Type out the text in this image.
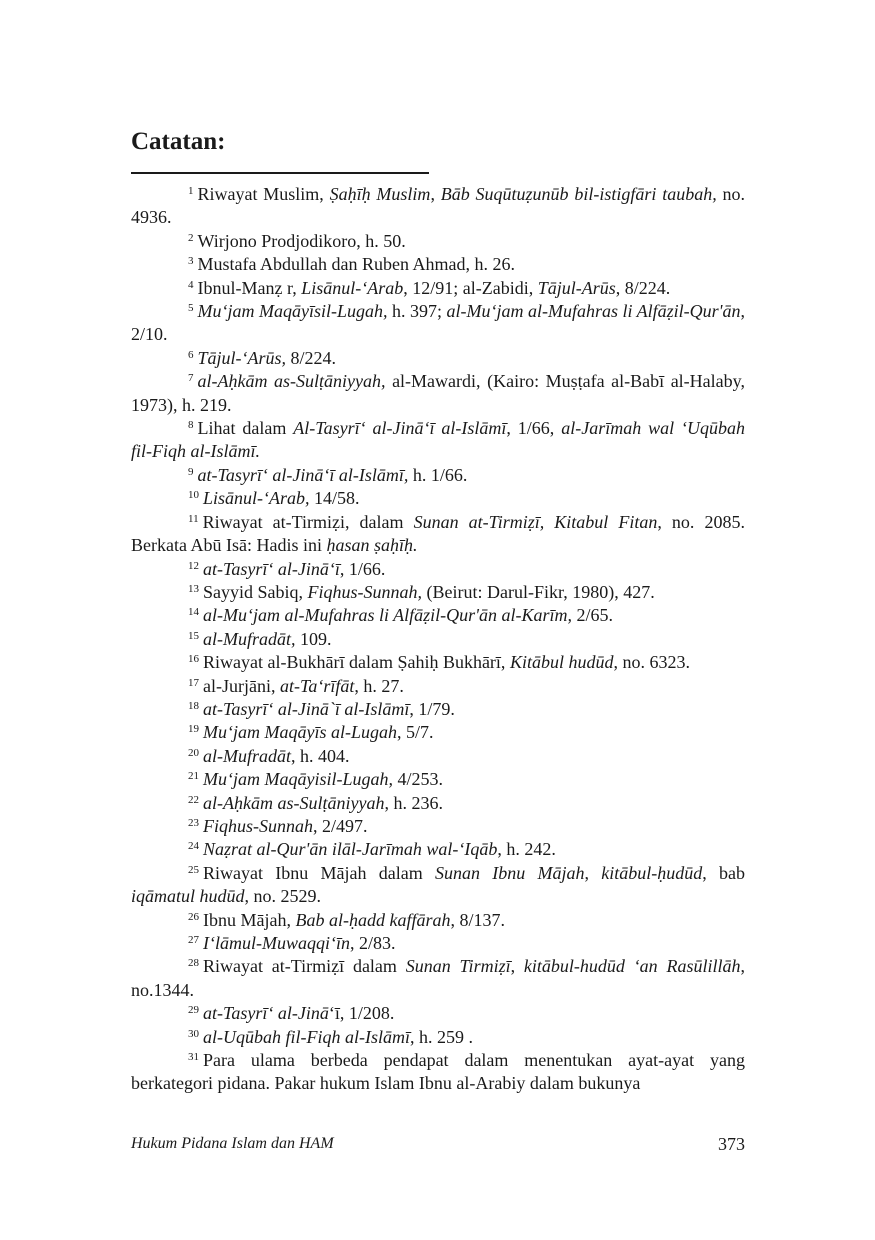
Catatan:

$^1$ Riwayat Muslim, Ṣaḥīḥ Muslim, Bāb Suqūtuẓunūb bil-istigfāri taubah, no. 4936.

$^2$ Wirjono Prodjodikoro, h. 50.

$^3$ Mustafa Abdullah dan Ruben Ahmad, h. 26.

$^4$ Ibnul-Manẓ r, Lisānul-‘Arab, 12/91; al-Zabidi, Tājul-Arūs, 8/224.

$^5$ Mu‘jam Maqāyīsil-Lugah, h. 397; al-Mu‘jam al-Mufahras li Alfāẓil-Qur'ān, 2/10.

$^6$ Tājul-‘Arūs, 8/224.

$^7$ al-Aḥkām as-Sulṭāniyyah, al-Mawardi, (Kairo: Muṣṭafa al-Babī al-Halaby, 1973), h. 219.

$^8$ Lihat dalam Al-Tasyrī‘ al-Jinā‘ī al-Islāmī, 1/66, al-Jarīmah wal ‘Uqūbah fil-Fiqh al-Islāmī.

$^9$ at-Tasyrī‘ al-Jinā‘ī al-Islāmī, h. 1/66.

$^{10}$ Lisānul-‘Arab, 14/58.

$^{11}$ Riwayat at-Tirmiẓi, dalam Sunan at-Tirmiẓī, Kitabul Fitan, no. 2085. Berkata Abū Isā: Hadis ini ḥasan ṣaḥīḥ.

$^{12}$ at-Tasyrī‘ al-Jinā‘ī, 1/66.

$^{13}$ Sayyid Sabiq, Fiqhus-Sunnah, (Beirut: Darul-Fikr, 1980), 427.

$^{14}$ al-Mu‘jam al-Mufahras li Alfāẓil-Qur'ān al-Karīm, 2/65.

$^{15}$ al-Mufradāt, 109.

$^{16}$ Riwayat al-Bukhārī dalam Ṣahiḥ Bukhārī, Kitābul hudūd, no. 6323.

$^{17}$ al-Jurjāni, at-Ta‘rīfāt, h. 27.

$^{18}$ at-Tasyrī‘ al-Jinā`ī al-Islāmī, 1/79.

$^{19}$ Mu‘jam Maqāyīs al-Lugah, 5/7.

$^{20}$ al-Mufradāt, h. 404.

$^{21}$ Mu‘jam Maqāyisil-Lugah, 4/253.

$^{22}$ al-Aḥkām as-Sulṭāniyyah, h. 236.

$^{23}$ Fiqhus-Sunnah, 2/497.

$^{24}$ Naẓrat al-Qur'ān ilāl-Jarīmah wal-‘Iqāb, h. 242.

$^{25}$ Riwayat Ibnu Mājah dalam Sunan Ibnu Mājah, kitābul-ḥudūd, bab iqāmatul hudūd, no. 2529.

$^{26}$ Ibnu Mājah, Bab al-ḥadd kaffārah, 8/137.

$^{27}$ I‘lāmul-Muwaqqi‘īn, 2/83.

$^{28}$ Riwayat at-Tirmiẓī dalam Sunan Tirmiẓī, kitābul-hudūd ‘an Rasūlillāh, no.1344.

$^{29}$ at-Tasyrī‘ al-Jinā‘ī, 1/208.

$^{30}$ al-Uqūbah fil-Fiqh al-Islāmī, h. 259 .

$^{31}$ Para ulama berbeda pendapat dalam menentukan ayat-ayat yang berkategori pidana. Pakar hukum Islam Ibnu al-Arabiy dalam bukunya

Hukum Pidana Islam dan HAM	373
